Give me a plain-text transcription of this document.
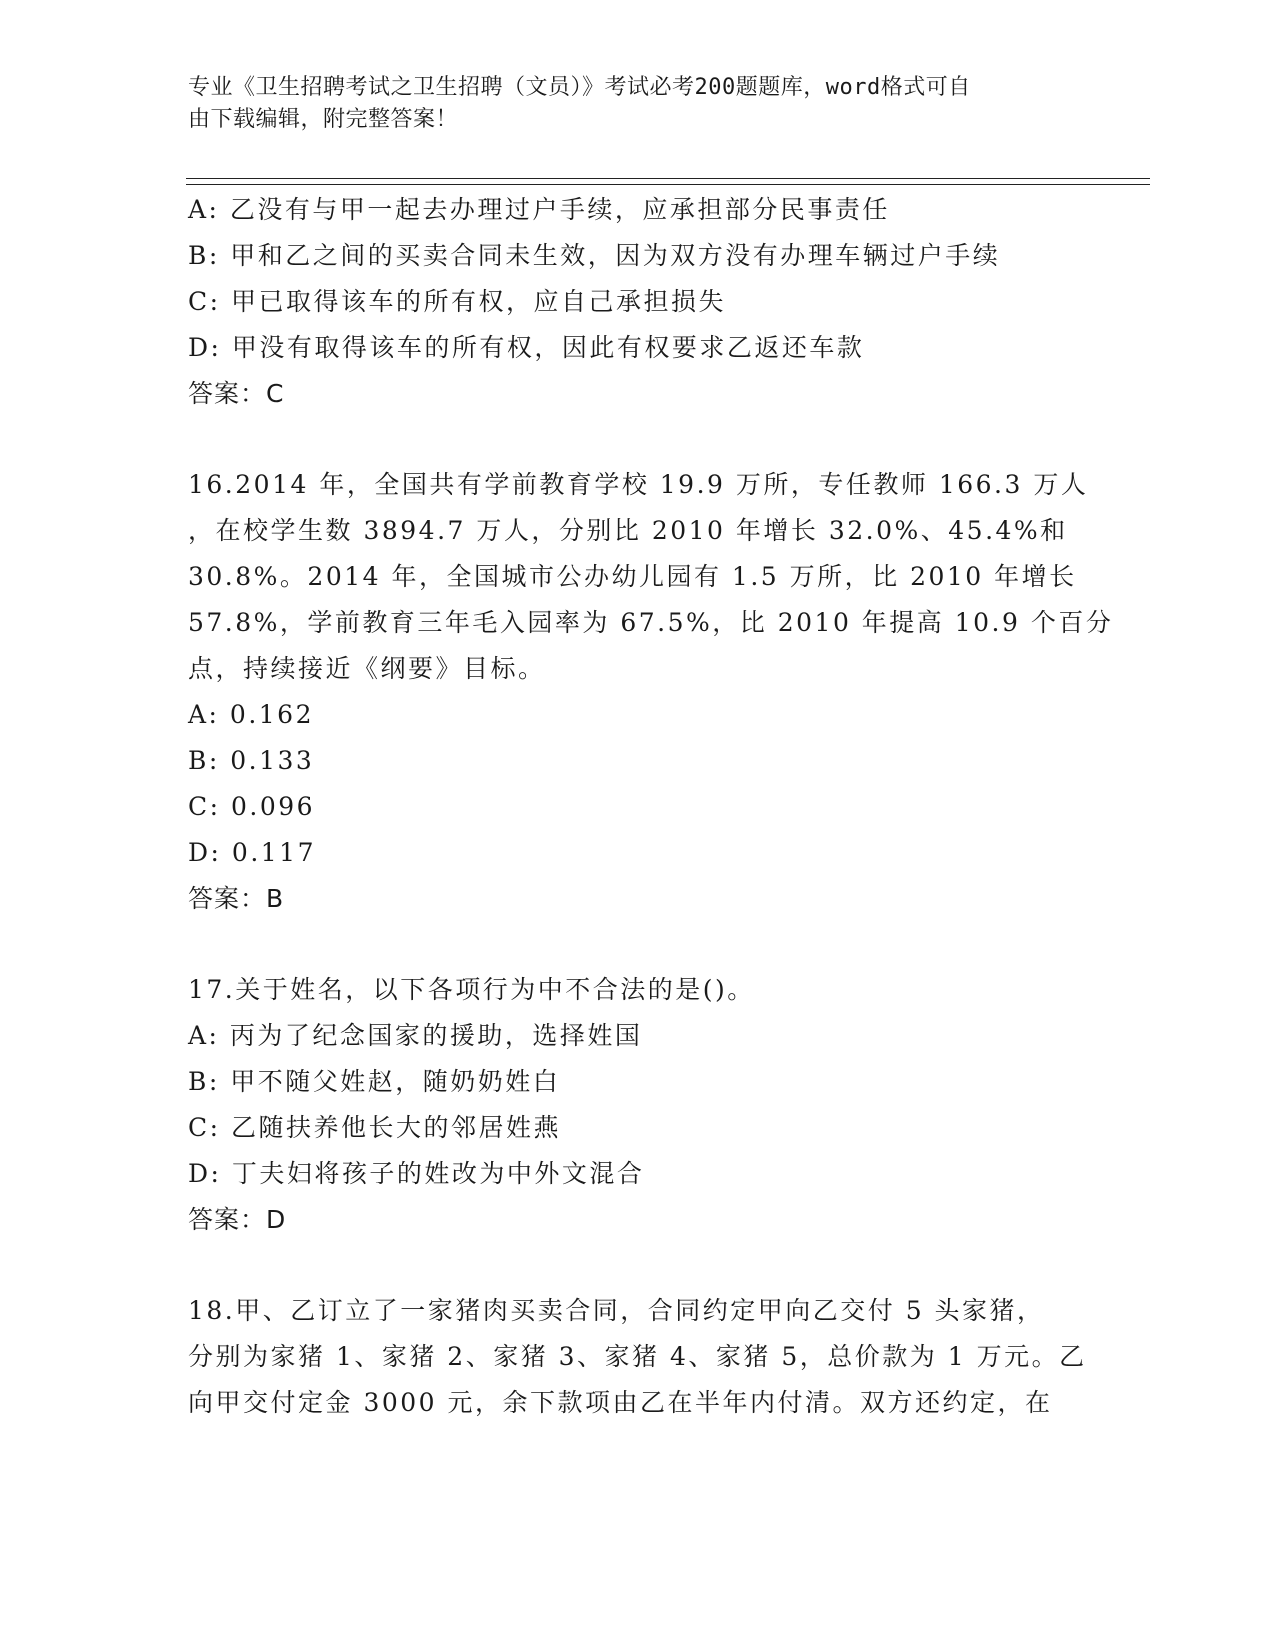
专业《卫生招聘考试之卫生招聘（文员）》考试必考200题题库，word格式可自
由下载编辑，附完整答案！
A: 乙没有与甲一起去办理过户手续，应承担部分民事责任
B: 甲和乙之间的买卖合同未生效，因为双方没有办理车辆过户手续
C: 甲已取得该车的所有权，应自己承担损失
D: 甲没有取得该车的所有权，因此有权要求乙返还车款
答案：C
16.2014 年，全国共有学前教育学校 19.9 万所，专任教师 166.3 万人
，在校学生数 3894.7 万人，分别比 2010 年增长 32.0%、45.4%和
30.8%。2014 年，全国城市公办幼儿园有 1.5 万所，比 2010 年增长
57.8%，学前教育三年毛入园率为 67.5%，比 2010 年提高 10.9 个百分
点，持续接近《纲要》目标。
A: 0.162
B: 0.133
C: 0.096
D: 0.117
答案：B
17.关于姓名，以下各项行为中不合法的是()。
A: 丙为了纪念国家的援助，选择姓国
B: 甲不随父姓赵，随奶奶姓白
C: 乙随扶养他长大的邻居姓燕
D: 丁夫妇将孩子的姓改为中外文混合
答案：D
18.甲、乙订立了一家猪肉买卖合同，合同约定甲向乙交付 5 头家猪，
分别为家猪 1、家猪 2、家猪 3、家猪 4、家猪 5，总价款为 1 万元。乙
向甲交付定金 3000 元，余下款项由乙在半年内付清。双方还约定，在
